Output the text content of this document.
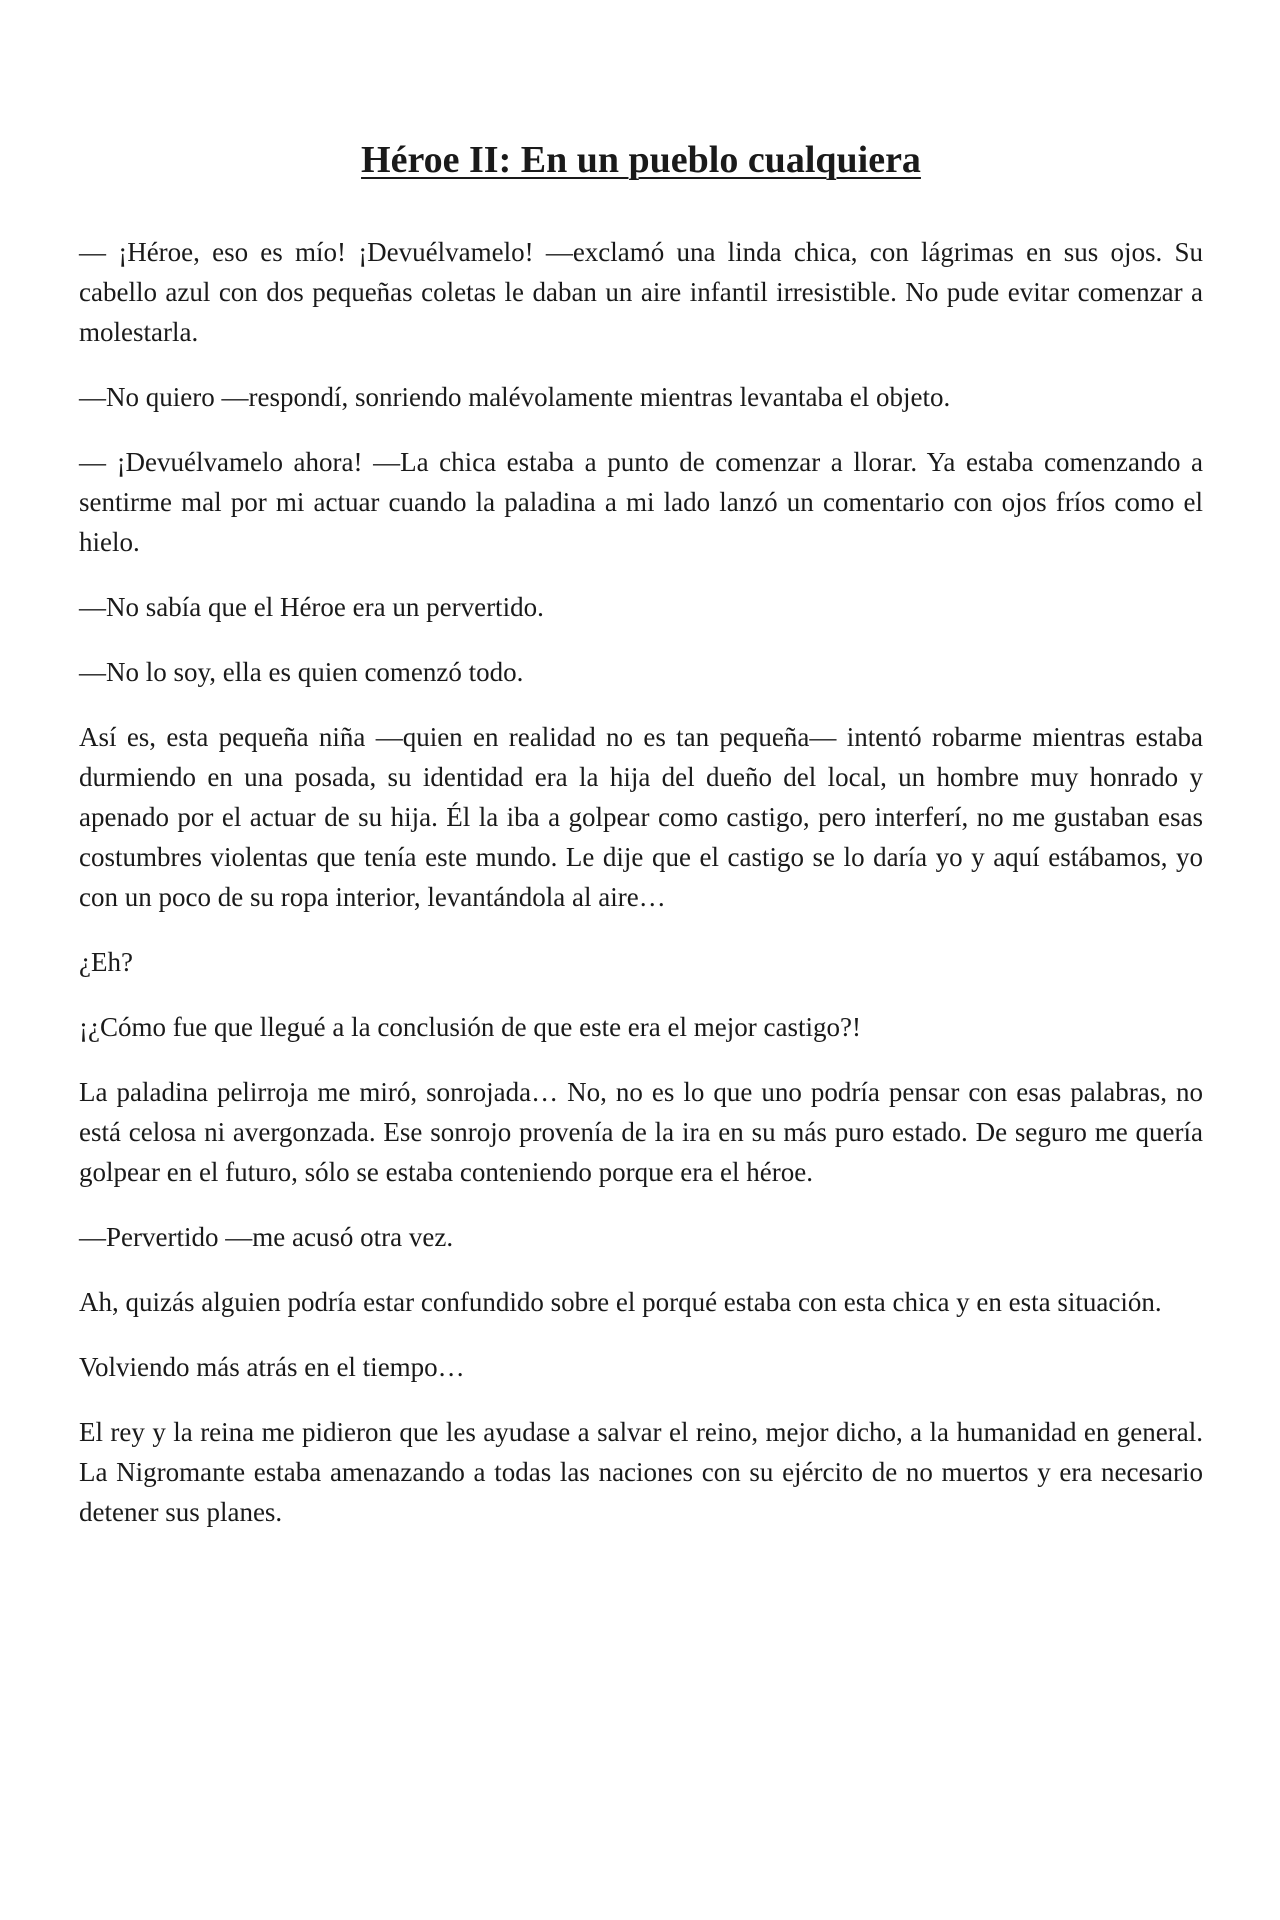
Héroe II: En un pueblo cualquiera

— ¡Héroe, eso es mío! ¡Devuélvamelo! —exclamó una linda chica, con lágrimas en sus ojos. Su cabello azul con dos pequeñas coletas le daban un aire infantil irresistible. No pude evitar comenzar a molestarla.

—No quiero —respondí, sonriendo malévolamente mientras levantaba el objeto.

— ¡Devuélvamelo ahora! —La chica estaba a punto de comenzar a llorar. Ya estaba comenzando a sentirme mal por mi actuar cuando la paladina a mi lado lanzó un comentario con ojos fríos como el hielo.

—No sabía que el Héroe era un pervertido.

—No lo soy, ella es quien comenzó todo.

Así es, esta pequeña niña —quien en realidad no es tan pequeña— intentó robarme mientras estaba durmiendo en una posada, su identidad era la hija del dueño del local, un hombre muy honrado y apenado por el actuar de su hija. Él la iba a golpear como castigo, pero interferí, no me gustaban esas costumbres violentas que tenía este mundo. Le dije que el castigo se lo daría yo y aquí estábamos, yo con un poco de su ropa interior, levantándola al aire…

¿Eh?

¡¿Cómo fue que llegué a la conclusión de que este era el mejor castigo?!

La paladina pelirroja me miró, sonrojada… No, no es lo que uno podría pensar con esas palabras, no está celosa ni avergonzada. Ese sonrojo provenía de la ira en su más puro estado. De seguro me quería golpear en el futuro, sólo se estaba conteniendo porque era el héroe.

—Pervertido —me acusó otra vez.

Ah, quizás alguien podría estar confundido sobre el porqué estaba con esta chica y en esta situación.

Volviendo más atrás en el tiempo…

El rey y la reina me pidieron que les ayudase a salvar el reino, mejor dicho, a la humanidad en general. La Nigromante estaba amenazando a todas las naciones con su ejército de no muertos y era necesario detener sus planes.
